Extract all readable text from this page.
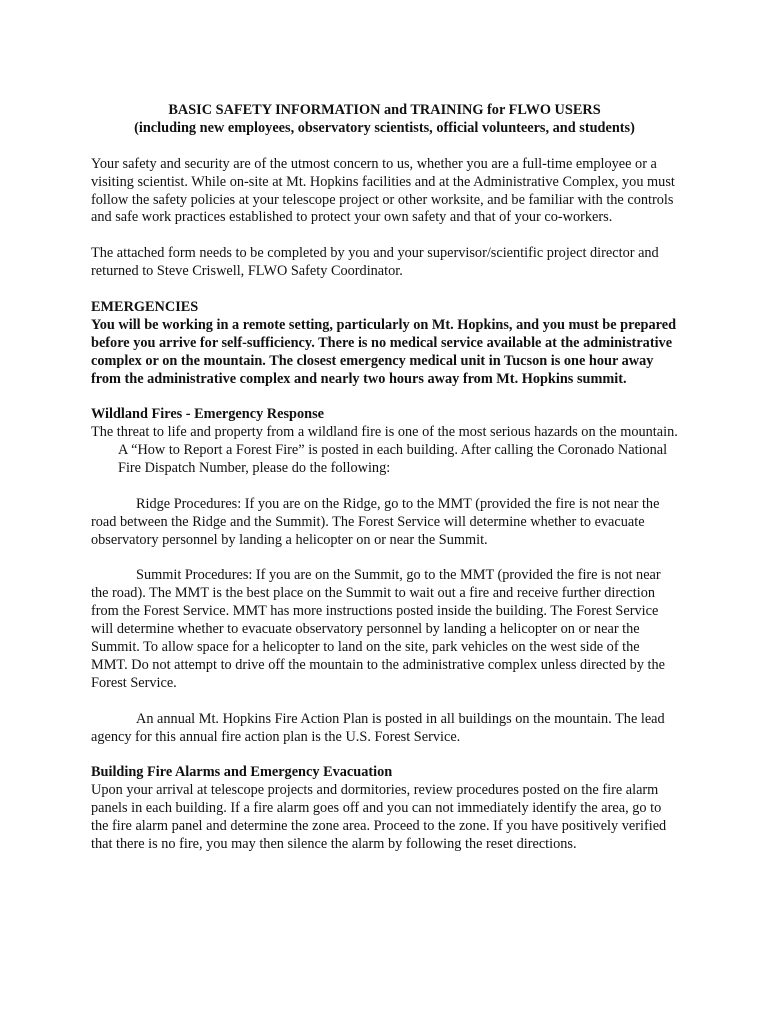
BASIC SAFETY INFORMATION and TRAINING for FLWO USERS

(including new employees, observatory scientists, official volunteers, and students)

Your safety and security are of the utmost concern to us, whether you are a full-time employee or a visiting scientist. While on-site at Mt. Hopkins facilities and at the Administrative Complex, you must follow the safety policies at your telescope project or other worksite, and be familiar with the controls and safe work practices established to protect your own safety and that of your co-workers.

The attached form needs to be completed by you and your supervisor/scientific project director and returned to Steve Criswell, FLWO Safety Coordinator.

EMERGENCIES

You will be working in a remote setting, particularly on Mt. Hopkins, and you must be prepared before you arrive for self-sufficiency. There is no medical service available at the administrative complex or on the mountain. The closest emergency medical unit in Tucson is one hour away from the administrative complex and nearly two hours away from Mt. Hopkins summit.

Wildland Fires - Emergency Response

The threat to life and property from a wildland fire is one of the most serious hazards on the mountain. A “How to Report a Forest Fire” is posted in each building. After calling the Coronado National Fire Dispatch Number, please do the following:

Ridge Procedures: If you are on the Ridge, go to the MMT (provided the fire is not near the road between the Ridge and the Summit). The Forest Service will determine whether to evacuate observatory personnel by landing a helicopter on or near the Summit.

Summit Procedures: If you are on the Summit, go to the MMT (provided the fire is not near the road). The MMT is the best place on the Summit to wait out a fire and receive further direction from the Forest Service. MMT has more instructions posted inside the building. The Forest Service will determine whether to evacuate observatory personnel by landing a helicopter on or near the Summit. To allow space for a helicopter to land on the site, park vehicles on the west side of the MMT. Do not attempt to drive off the mountain to the administrative complex unless directed by the Forest Service.

An annual Mt. Hopkins Fire Action Plan is posted in all buildings on the mountain. The lead agency for this annual fire action plan is the U.S. Forest Service.

Building Fire Alarms and Emergency Evacuation

Upon your arrival at telescope projects and dormitories, review procedures posted on the fire alarm panels in each building. If a fire alarm goes off and you can not immediately identify the area, go to the fire alarm panel and determine the zone area. Proceed to the zone. If you have positively verified that there is no fire, you may then silence the alarm by following the reset directions.
